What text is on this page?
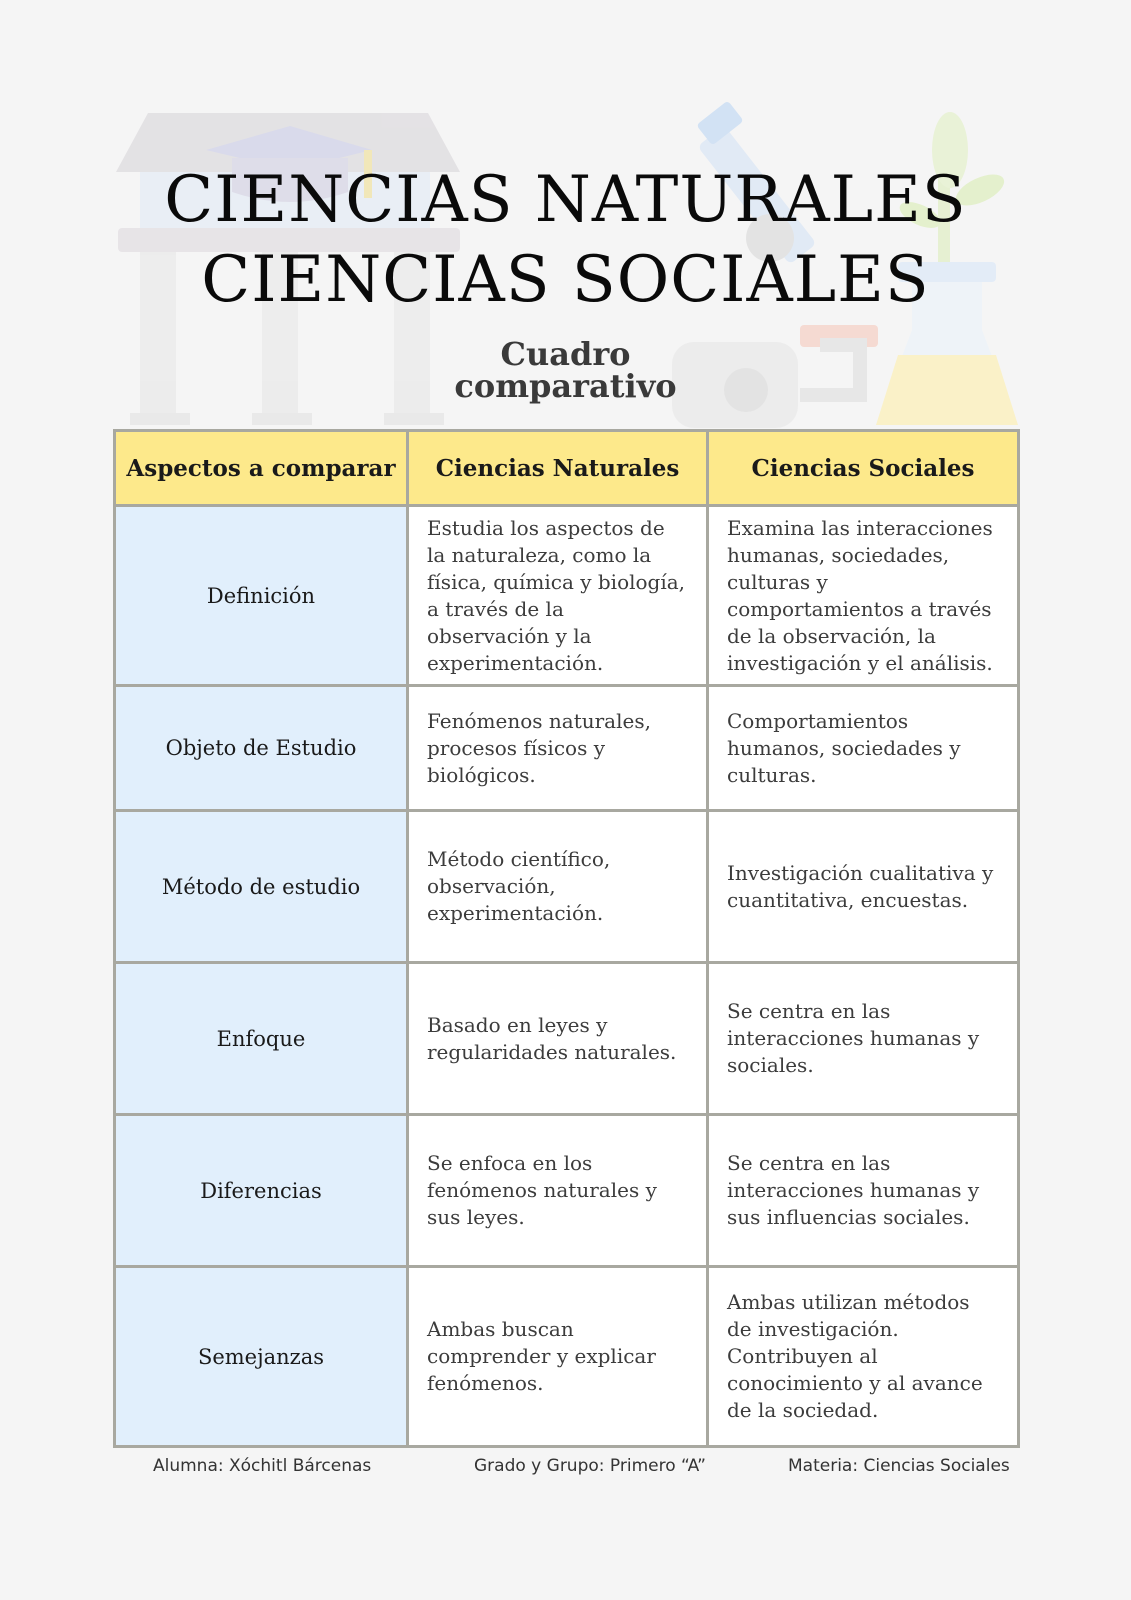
CIENCIAS NATURALES

CIENCIAS SOCIALES

Cuadro
comparativo
Aspectos a comparar	Ciencias Naturales	Ciencias Sociales
Definición	Estudia los aspectos de la naturaleza, como la física, química y biología, a través de la observación y la experimentación.	Examina las interacciones humanas, sociedades, culturas y comportamientos a través de la observación, la investigación y el análisis.
Objeto de Estudio	Fenómenos naturales, procesos físicos y biológicos.	Comportamientos humanos, sociedades y culturas.
Método de estudio	Método científico, observación, experimentación.	Investigación cualitativa y cuantitativa, encuestas.
Enfoque	Basado en leyes y regularidades naturales.	Se centra en las interacciones humanas y sociales.
Diferencias	Se enfoca en los fenómenos naturales y sus leyes.	Se centra en las interacciones humanas y sus influencias sociales.
Semejanzas	Ambas buscan comprender y explicar fenómenos.	Ambas utilizan métodos de investigación. Contribuyen al conocimiento y al avance de la sociedad.
Alumna: Xóchitl Bárcenas	Grado y Grupo: Primero “A”	Materia: Ciencias Sociales
